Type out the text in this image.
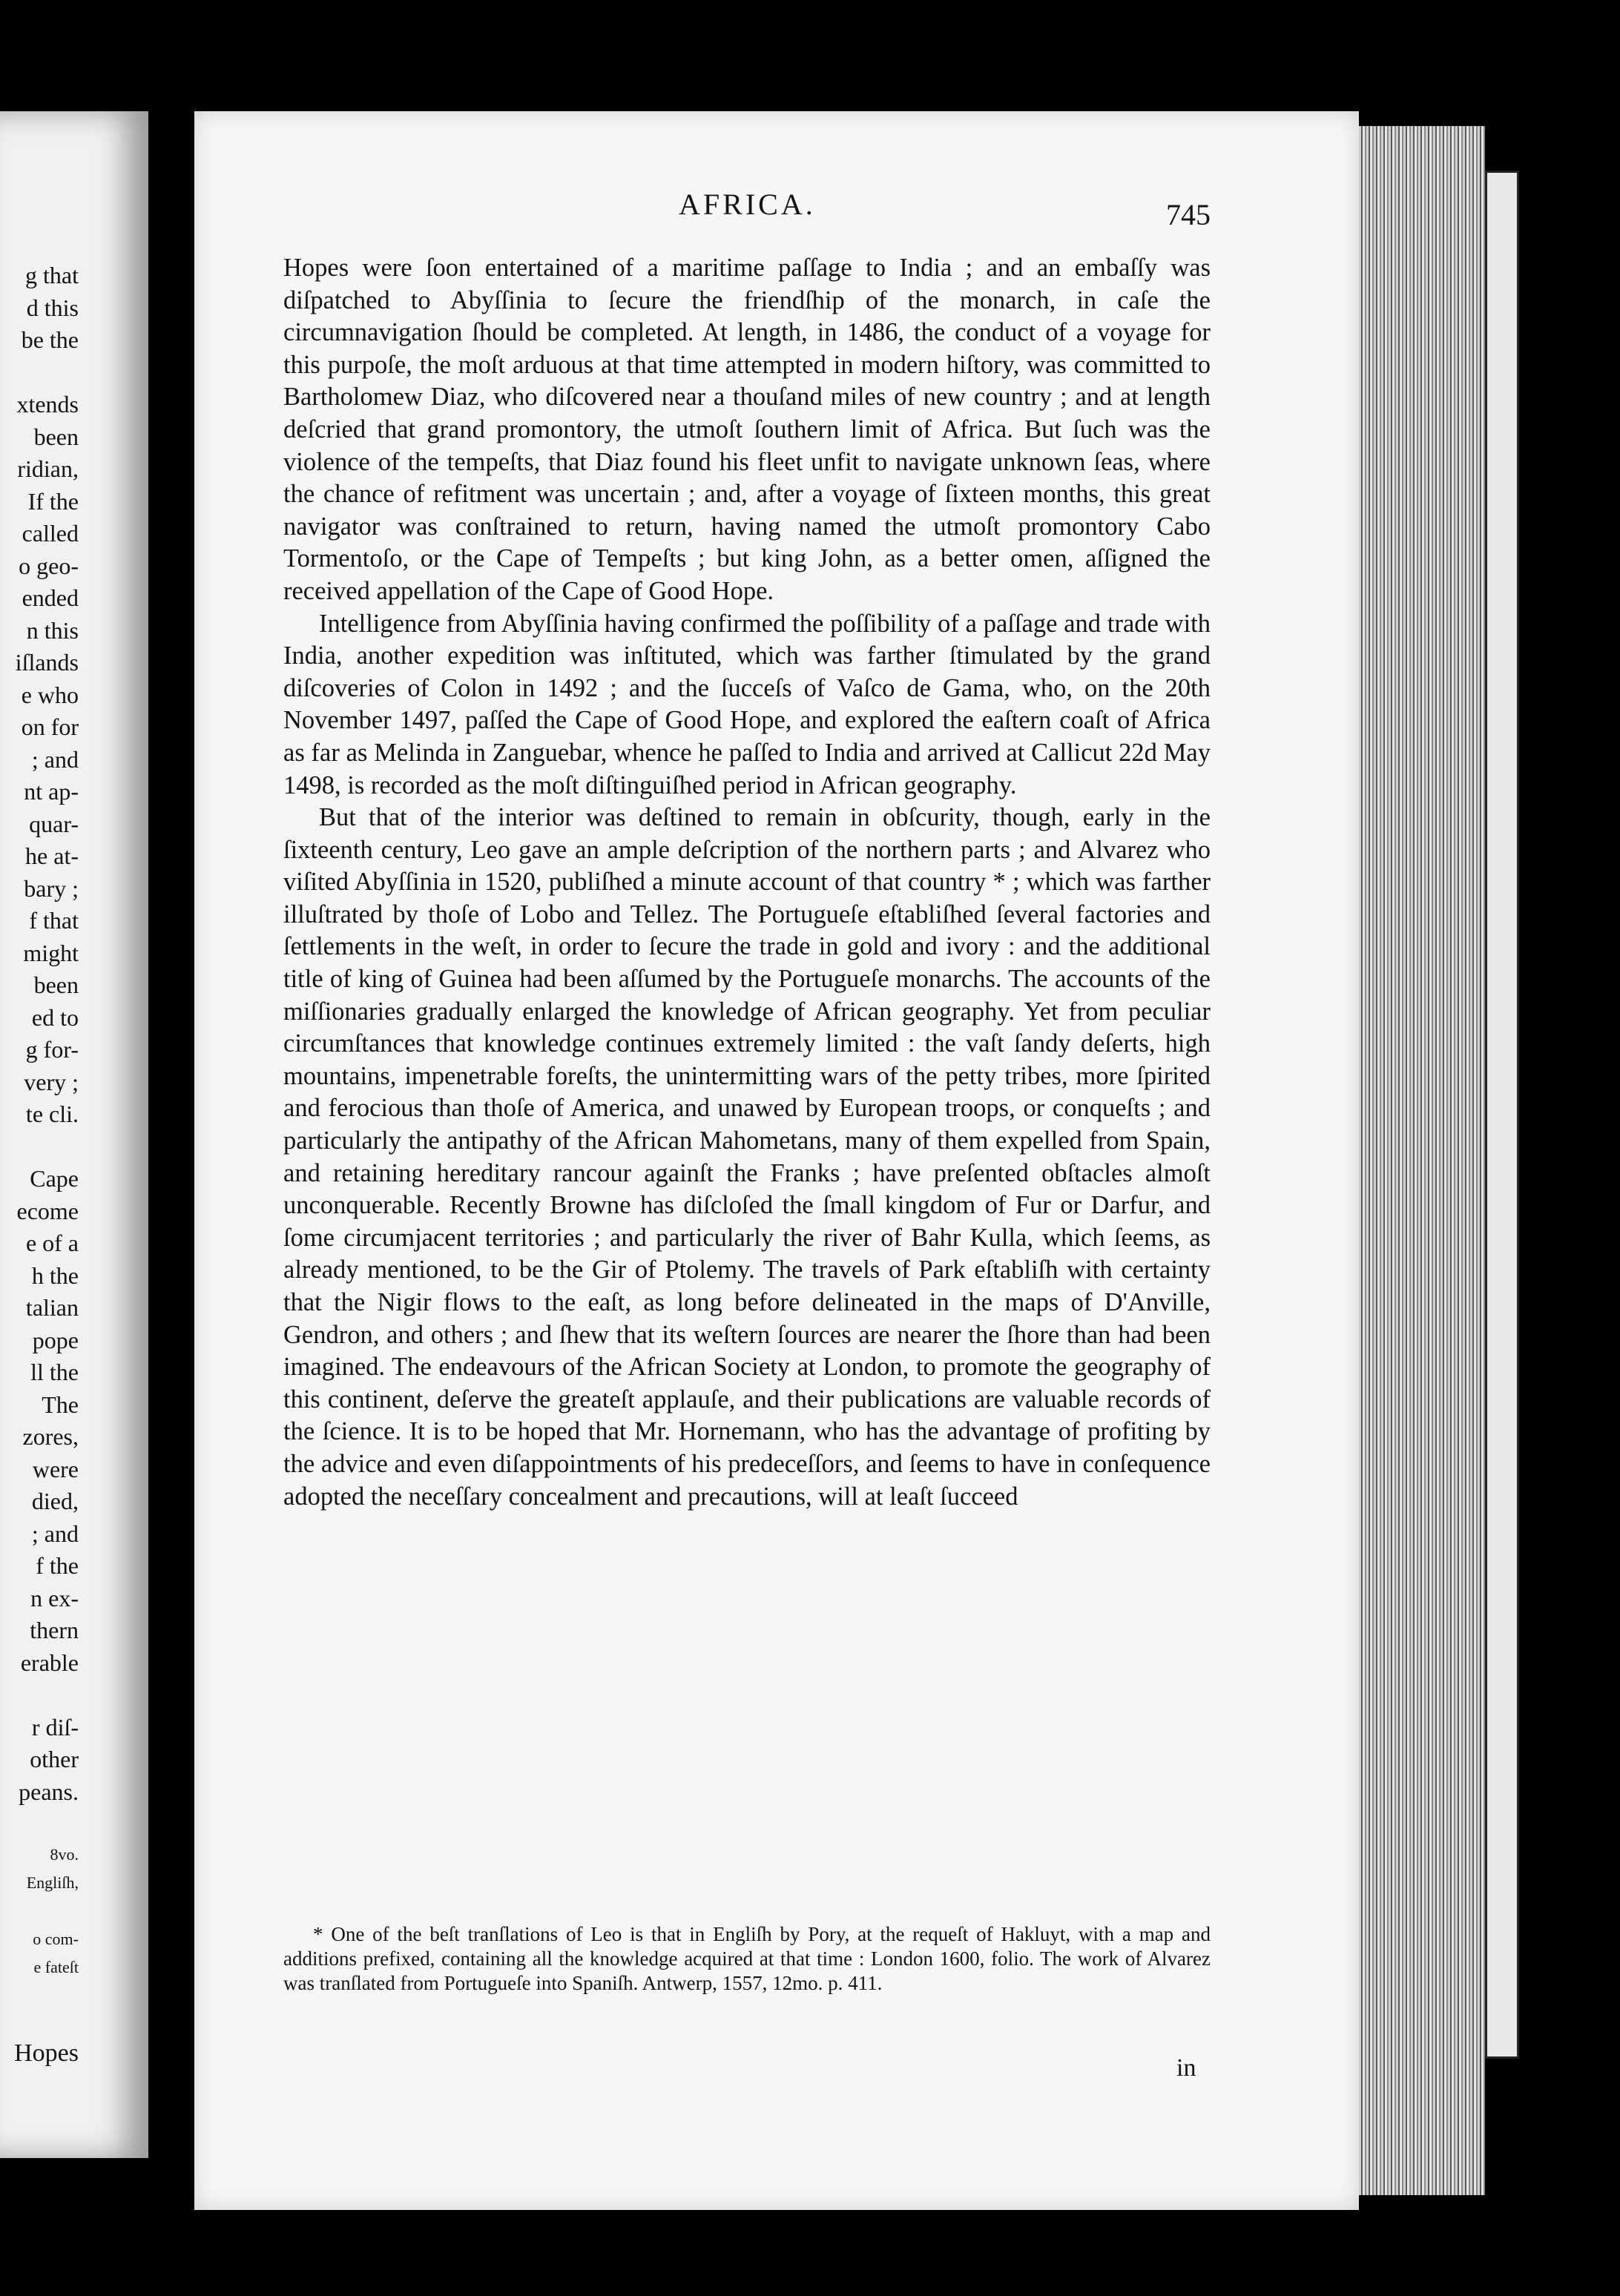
g that
d this
be the
xtends
been
ridian,
If the
called
o geo-
ended
n this
iſlands
e who
on for
; and
nt ap-
quar-
he at-
bary ;
f that
might
been
ed to
g for-
very ;
te cli.
Cape
ecome
e of a
h the
talian
pope
ll the
The
zores,
were
died,
; and
f the
n ex-
thern
erable
r diſ-
other
peans.
8vo.
Engliſh,

o com-
e fateſt
Hopes
AFRICA.	745

Hopes were ſoon entertained of a maritime paſſage to India ; and an embaſſy was diſpatched to Abyſſinia to ſecure the friendſhip of the monarch, in caſe the circumnavigation ſhould be completed. At length, in 1486, the conduct of a voyage for this purpoſe, the moſt arduous at that time attempted in modern hiſtory, was committed to Bartholomew Diaz, who diſcovered near a thouſand miles of new country ; and at length deſcried that grand promontory, the utmoſt ſouthern limit of Africa. But ſuch was the violence of the tempeſts, that Diaz found his fleet unfit to navigate unknown ſeas, where the chance of refitment was uncertain ; and, after a voyage of ſixteen months, this great navigator was conſtrained to return, having named the utmoſt promontory Cabo Tormentoſo, or the Cape of Tempeſts ; but king John, as a better omen, aſſigned the received appellation of the Cape of Good Hope.

Intelligence from Abyſſinia having confirmed the poſſibility of a paſſage and trade with India, another expedition was inſtituted, which was farther ſtimulated by the grand diſcoveries of Colon in 1492 ; and the ſucceſs of Vaſco de Gama, who, on the 20th November 1497, paſſed the Cape of Good Hope, and explored the eaſtern coaſt of Africa as far as Melinda in Zanguebar, whence he paſſed to India and arrived at Callicut 22d May 1498, is recorded as the moſt diſtinguiſhed period in African geography.

But that of the interior was deſtined to remain in obſcurity, though, early in the ſixteenth century, Leo gave an ample deſcription of the northern parts ; and Alvarez who viſited Abyſſinia in 1520, publiſhed a minute account of that country * ; which was farther illuſtrated by thoſe of Lobo and Tellez. The Portugueſe eſtabliſhed ſeveral factories and ſettlements in the weſt, in order to ſecure the trade in gold and ivory : and the additional title of king of Guinea had been aſſumed by the Portugueſe monarchs. The accounts of the miſſionaries gradually enlarged the knowledge of African geography. Yet from peculiar circumſtances that knowledge continues extremely limited : the vaſt ſandy deſerts, high mountains, impenetrable foreſts, the unintermitting wars of the petty tribes, more ſpirited and ferocious than thoſe of America, and unawed by European troops, or conqueſts ; and particularly the antipathy of the African Mahometans, many of them expelled from Spain, and retaining hereditary rancour againſt the Franks ; have preſented obſtacles almoſt unconquerable. Recently Browne has diſcloſed the ſmall kingdom of Fur or Darfur, and ſome circumjacent territories ; and particularly the river of Bahr Kulla, which ſeems, as already mentioned, to be the Gir of Ptolemy. The travels of Park eſtabliſh with certainty that the Nigir flows to the eaſt, as long before delineated in the maps of D'Anville, Gendron, and others ; and ſhew that its weſtern ſources are nearer the ſhore than had been imagined. The endeavours of the African Society at London, to promote the geography of this continent, deſerve the greateſt applauſe, and their publications are valuable records of the ſcience. It is to be hoped that Mr. Hornemann, who has the advantage of profiting by the advice and even diſappointments of his predeceſſors, and ſeems to have in conſequence adopted the neceſſary concealment and precautions, will at leaſt ſucceed

* One of the beſt tranſlations of Leo is that in Engliſh by Pory, at the requeſt of Hakluyt, with a map and additions prefixed, containing all the knowledge acquired at that time : London 1600, folio. The work of Alvarez was tranſlated from Portugueſe into Spaniſh. Antwerp, 1557, 12mo. p. 411.

in
